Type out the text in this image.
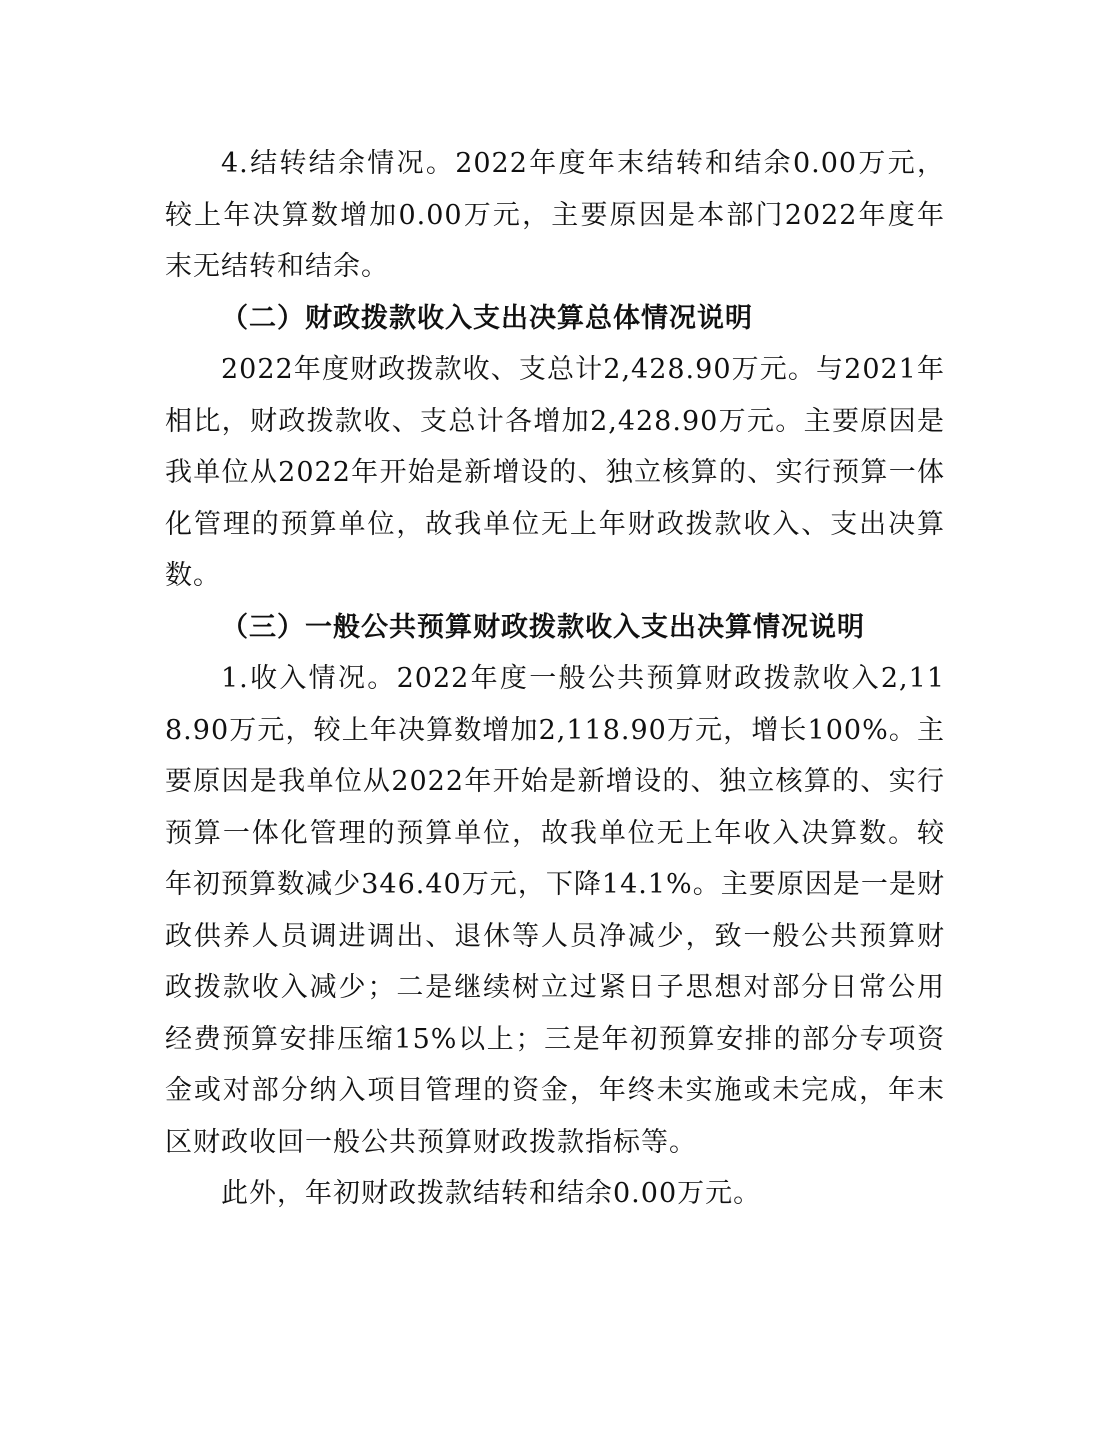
4.结转结余情况。2022年度年末结转和结余0.00万元，较上年决算数增加0.00万元，主要原因是本部门2022年度年末无结转和结余。

（二）财政拨款收入支出决算总体情况说明

2022年度财政拨款收、支总计2,428.90万元。与2021年相比，财政拨款收、支总计各增加2,428.90万元。主要原因是我单位从2022年开始是新增设的、独立核算的、实行预算一体化管理的预算单位，故我单位无上年财政拨款收入、支出决算数。

（三）一般公共预算财政拨款收入支出决算情况说明

1.收入情况。2022年度一般公共预算财政拨款收入2,118.90万元，较上年决算数增加2,118.90万元，增长100%。主要原因是我单位从2022年开始是新增设的、独立核算的、实行预算一体化管理的预算单位，故我单位无上年收入决算数。较年初预算数减少346.40万元，下降14.1%。主要原因是一是财政供养人员调进调出、退休等人员净减少，致一般公共预算财政拨款收入减少；二是继续树立过紧日子思想对部分日常公用经费预算安排压缩15%以上；三是年初预算安排的部分专项资金或对部分纳入项目管理的资金，年终未实施或未完成，年末区财政收回一般公共预算财政拨款指标等。

此外，年初财政拨款结转和结余0.00万元。
